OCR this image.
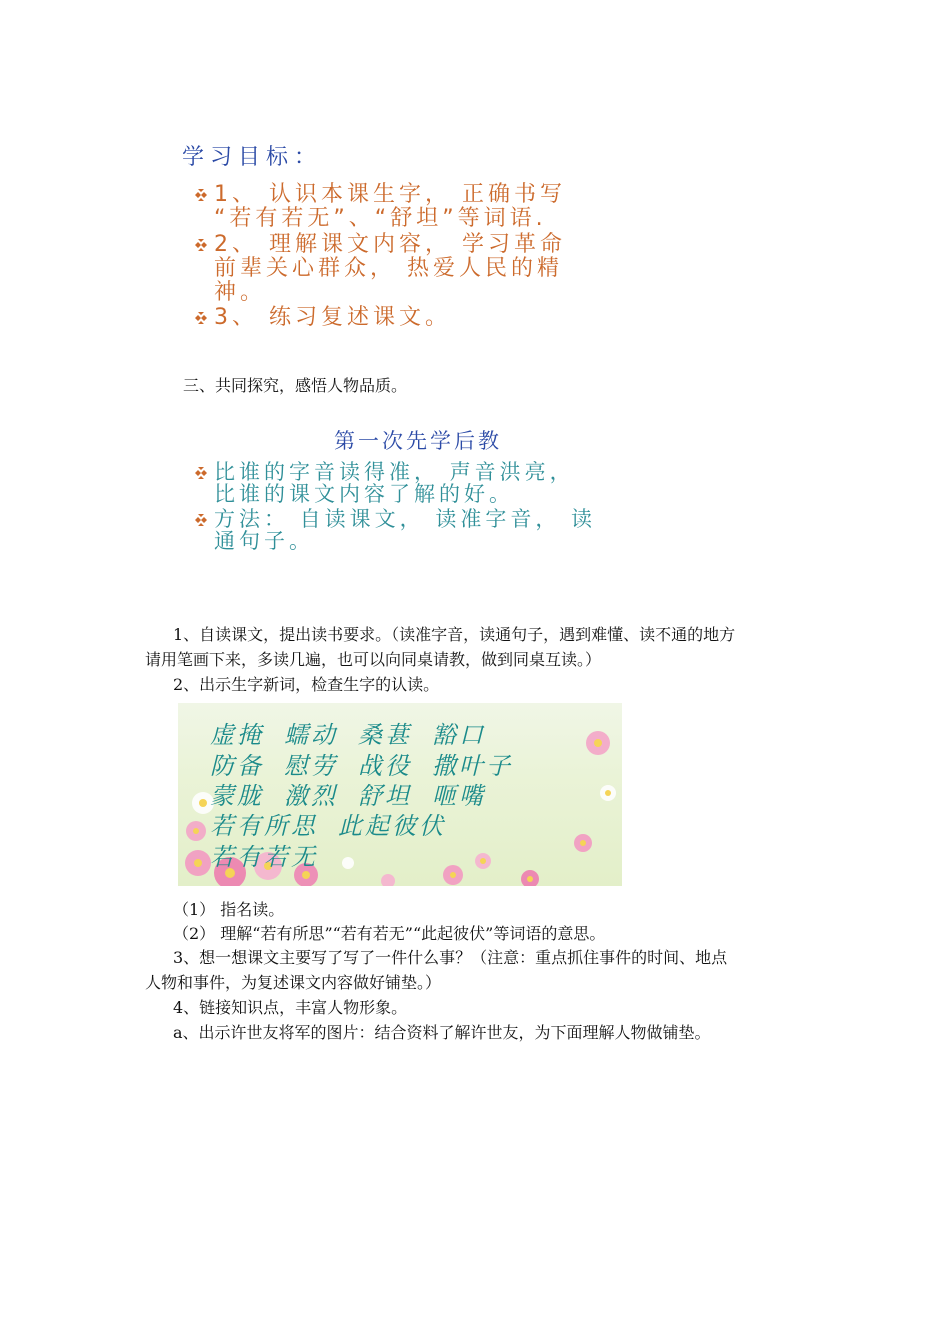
学习目标：
1、 认识本课生字， 正确书写
“若有若无”、“舒坦”等词语.
2、 理解课文内容， 学习革命
前辈关心群众， 热爱人民的精
神。
3、 练习复述课文。
三、共同探究，感悟人物品质。
第一次先学后教
比谁的字音读得准， 声音洪亮，
比谁的课文内容了解的好。
方法： 自读课文， 读准字音， 读
通句子。
1、自读课文，提出读书要求。（读准字音，读通句子，遇到难懂、读不通的地方
请用笔画下来，多读几遍，也可以向同桌请教，做到同桌互读。）
2、出示生字新词，检查生字的认读。
虚掩 蠕动 桑葚 豁口
防备 慰劳 战役 撒叶子
蒙胧 激烈 舒坦 咂嘴
若有所思 此起彼伏
若有若无
（1） 指名读。
（2） 理解“若有所思”“若有若无”“此起彼伏”等词语的意思。
3、想一想课文主要写了写了一件什么事？（注意：重点抓住事件的时间、地点
人物和事件，为复述课文内容做好铺垫。）
4、链接知识点，丰富人物形象。
a、出示许世友将军的图片：结合资料了解许世友，为下面理解人物做铺垫。
